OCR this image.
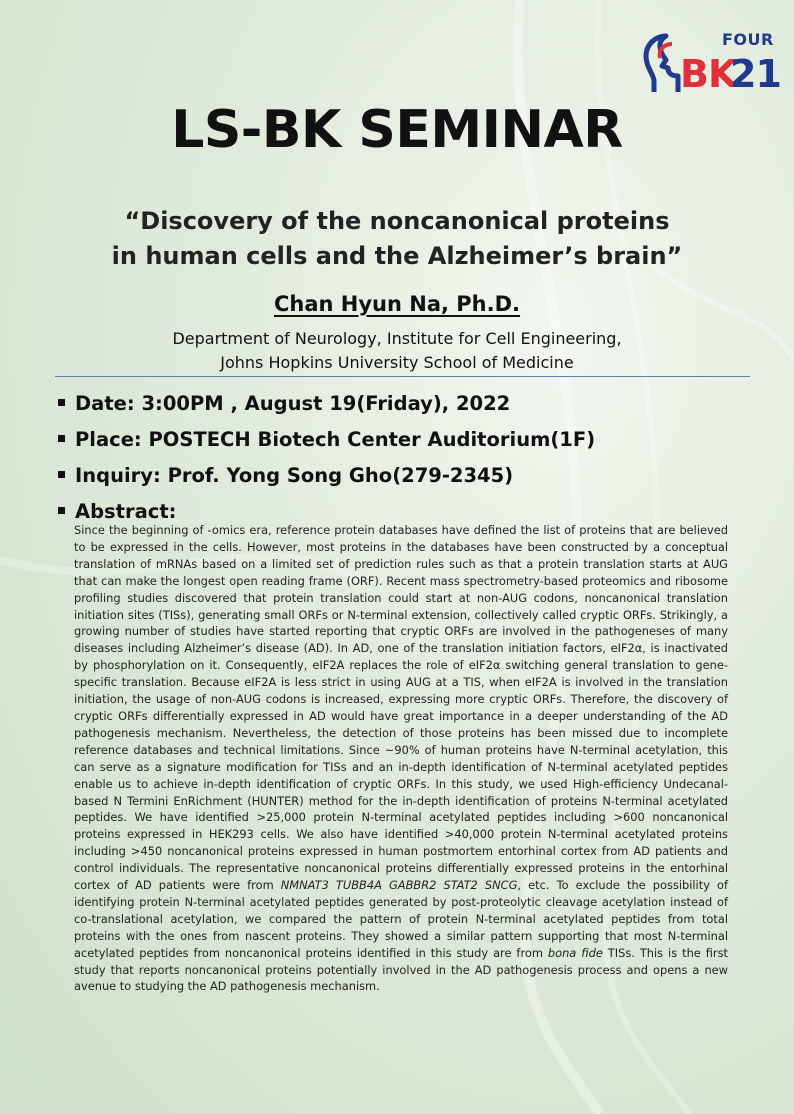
FOUR
BK
21
LS-BK SEMINAR
“Discovery of the noncanonical proteins
in human cells and the Alzheimer’s brain”
Chan Hyun Na, Ph.D.
Department of Neurology, Institute for Cell Engineering,
Johns Hopkins University School of Medicine
Date: 3:00PM , August 19(Friday), 2022
Place: POSTECH Biotech Center Auditorium(1F)
Inquiry: Prof. Yong Song Gho(279-2345)
Abstract:
Since the beginning of -omics era, reference protein databases have defined the list of proteins that are believed to be expressed in the cells. However, most proteins in the databases have been constructed by a conceptual translation of mRNAs based on a limited set of prediction rules such as that a protein translation starts at AUG that can make the longest open reading frame (ORF). Recent mass spectrometry-based proteomics and ribosome profiling studies discovered that protein translation could start at non-AUG codons, noncanonical translation initiation sites (TISs), generating small ORFs or N-terminal extension, collectively called cryptic ORFs. Strikingly, a growing number of studies have started reporting that cryptic ORFs are involved in the pathogeneses of many diseases including Alzheimer’s disease (AD). In AD, one of the translation initiation factors, eIF2α, is inactivated by phosphorylation on it. Consequently, eIF2A replaces the role of eIF2α switching general translation to gene-specific translation. Because eIF2A is less strict in using AUG at a TIS, when eIF2A is involved in the translation initiation, the usage of non-AUG codons is increased, expressing more cryptic ORFs. Therefore, the discovery of cryptic ORFs differentially expressed in AD would have great importance in a deeper understanding of the AD pathogenesis mechanism. Nevertheless, the detection of those proteins has been missed due to incomplete reference databases and technical limitations. Since ~90% of human proteins have N-terminal acetylation, this can serve as a signature modification for TISs and an in-depth identification of N-terminal acetylated peptides enable us to achieve in-depth identification of cryptic ORFs. In this study, we used High-efficiency Undecanal-based N Termini EnRichment (HUNTER) method for the in-depth identification of proteins N-terminal acetylated peptides. We have identified >25,000 protein N-terminal acetylated peptides including >600 noncanonical proteins expressed in HEK293 cells. We also have identified >40,000 protein N-terminal acetylated proteins including >450 noncanonical proteins expressed in human postmortem entorhinal cortex from AD patients and control individuals. The representative noncanonical proteins differentially expressed proteins in the entorhinal cortex of AD patients were from NMNAT3 TUBB4A GABBR2 STAT2 SNCG, etc. To exclude the possibility of identifying protein N-terminal acetylated peptides generated by post-proteolytic cleavage acetylation instead of co-translational acetylation, we compared the pattern of protein N-terminal acetylated peptides from total proteins with the ones from nascent proteins. They showed a similar pattern supporting that most N-terminal acetylated peptides from noncanonical proteins identified in this study are from bona fide TISs. This is the first study that reports noncanonical proteins potentially involved in the AD pathogenesis process and opens a new avenue to studying the AD pathogenesis mechanism.
